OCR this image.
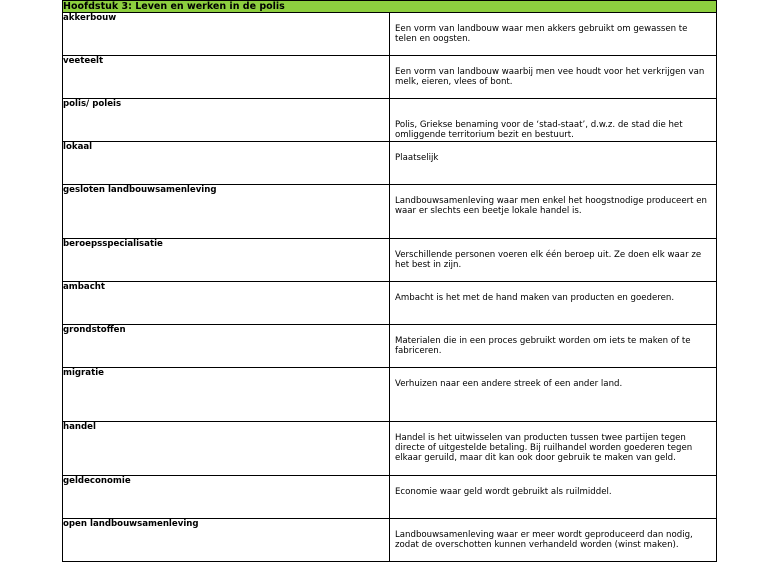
Hoofdstuk 3: Leven en werken in de polis	
akkerbouw	Een vorm van landbouw waar men akkers gebruikt om gewassen te telen en oogsten.

veeteelt	Een vorm van landbouw waarbij men vee houdt voor het verkrijgen van melk, eieren, vlees of bont.

polis/ poleis	Polis, Griekse benaming voor de ‘stad-staat’, d.w.z. de stad die het omliggende territorium bezit en bestuurt.

lokaal	Plaatselijk

gesloten landbouwsamenleving	Landbouwsamenleving waar men enkel het hoogstnodige produceert en waar er slechts een beetje lokale handel is.

beroepsspecialisatie	Verschillende personen voeren elk één beroep uit. Ze doen elk waar ze het best in zijn.

ambacht	Ambacht is het met de hand maken van producten en goederen.

grondstoffen	Materialen die in een proces gebruikt worden om iets te maken of te fabriceren.

migratie	Verhuizen naar een andere streek of een ander land.

handel	Handel is het uitwisselen van producten tussen twee partijen tegen directe of uitgestelde betaling. Bij ruilhandel worden goederen tegen elkaar geruild, maar dit kan ook door gebruik te maken van geld.

geldeconomie	Economie waar geld wordt gebruikt als ruilmiddel.

open landbouwsamenleving	Landbouwsamenleving waar er meer wordt geproduceerd dan nodig, zodat de overschotten kunnen verhandeld worden (winst maken).
